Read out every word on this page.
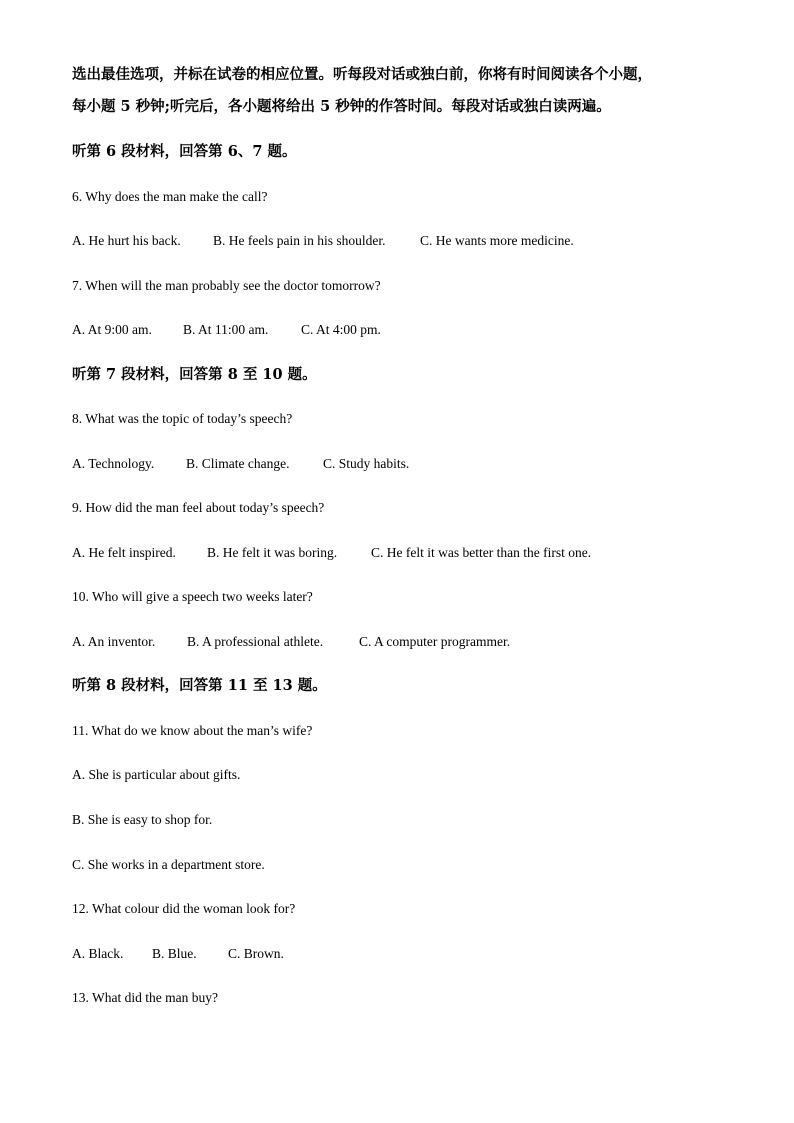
选出最佳选项，并标在试卷的相应位置。听每段对话或独白前，你将有时间阅读各个小题，
每小题 5 秒钟;听完后，各小题将给出 5 秒钟的作答时间。每段对话或独白读两遍。
听第 6 段材料，回答第 6、7 题。
6. Why does the man make the call?
A. He hurt his back. B. He feels pain in his shoulder.	C. He wants more medicine.
7. When will the man probably see the doctor tomorrow?
A. At 9:00 am. B. At 11:00 am. C. At 4:00 pm.
听第 7 段材料，回答第 8 至 10 题。
8. What was the topic of today’s speech?
A. Technology. B. Climate change. C. Study habits.
9. How did the man feel about today’s speech?
A. He felt inspired. B. He felt it was boring.	C. He felt it was better than the first one.
10. Who will give a speech two weeks later?
A. An inventor. B. A professional athlete.	C. A computer programmer.
听第 8 段材料，回答第 11 至 13 题。
11. What do we know about the man’s wife?
A. She is particular about gifts.
B. She is easy to shop for.
C. She works in a department store.
12. What colour did the woman look for?
A. Black. B. Blue. C. Brown.
13. What did the man buy?
